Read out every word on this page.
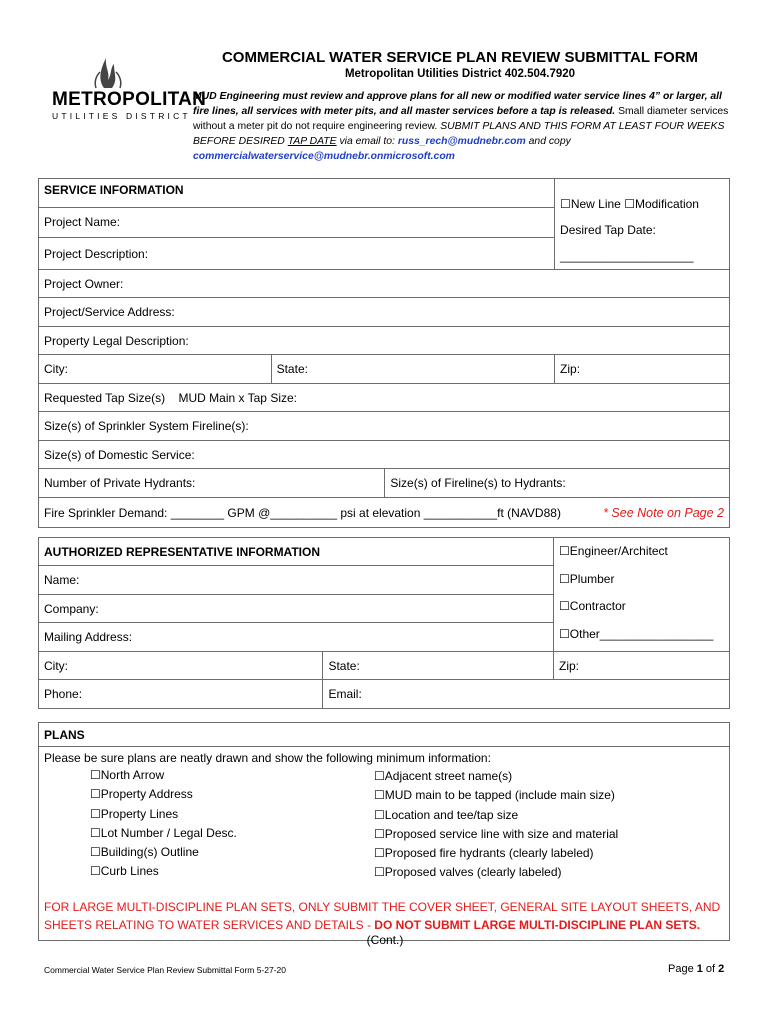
METROPOLITAN
UTILITIES DISTRICT
COMMERCIAL WATER SERVICE PLAN REVIEW SUBMITTAL FORM
Metropolitan Utilities District 402.504.7920
MUD Engineering must review and approve plans for all new or modified water service lines 4” or larger, all fire lines, all services with meter pits, and all master services before a tap is released. Small diameter services without a meter pit do not require engineering review. SUBMIT PLANS AND THIS FORM AT LEAST FOUR WEEKS BEFORE DESIRED TAP DATE via email to: russ_rech@mudnebr.com and copy commercialwaterservice@mudnebr.onmicrosoft.com
SERVICE INFORMATION	☐ New Line ☐ Modification
Desired Tap Date:
____________________
Project Name:			
Project Description:			
Project Owner:			
Project/Service Address:			
Property Legal Description:			
City:	State:		Zip:
Requested Tap Size(s)    MUD Main x Tap Size:			
Size(s) of Sprinkler System Fireline(s):			
Size(s) of Domestic Service:			
Number of Private Hydrants:		Size(s) of Fireline(s) to Hydrants:	
Fire Sprinkler Demand: ________ GPM @__________ psi at elevation ___________ft (NAVD88) * See Note on Page 2			
AUTHORIZED REPRESENTATIVE INFORMATION	
☐Engineer/Architect
☐ Plumber
☐ Contractor
☐ Other_________________

Name:		
Company:		
Mailing Address:		
City:	State:	Zip:
Phone:	Email:	
PLANS

Please be sure plans are neatly drawn and show the following minimum information:
☐ North Arrow
☐ Property Address
☐ Property Lines
☐ Lot Number / Legal Desc.
☐ Building(s) Outline
☐ Curb Lines
☐ Adjacent street name(s)
☐ MUD main to be tapped (include main size)
☐ Location and tee/tap size
☐ Proposed service line with size and material
☐ Proposed fire hydrants (clearly labeled)
☐ Proposed valves (clearly labeled)
FOR LARGE MULTI-DISCIPLINE PLAN SETS, ONLY SUBMIT THE COVER SHEET, GENERAL SITE LAYOUT SHEETS, AND SHEETS RELATING TO WATER SERVICES AND DETAILS - DO NOT SUBMIT LARGE MULTI-DISCIPLINE PLAN SETS.
(Cont.)
Commercial Water Service Plan Review Submittal Form 5-27-20	Page 1 of 2
